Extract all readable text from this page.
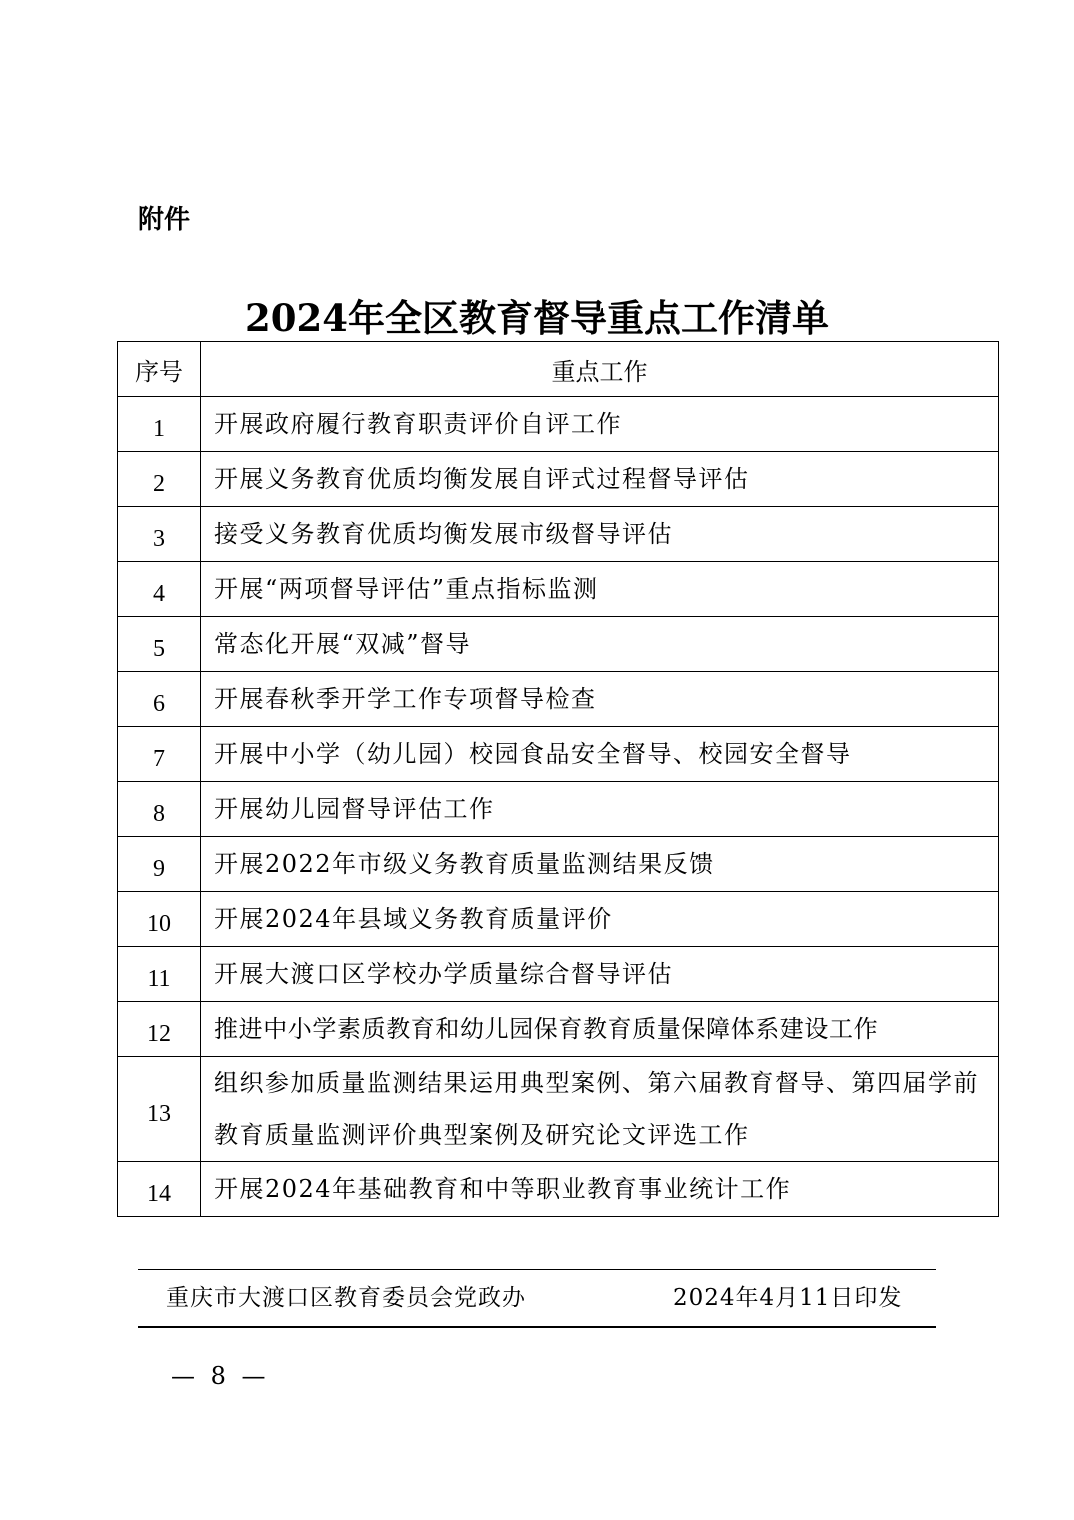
附件
2024年全区教育督导重点工作清单
序号	重点工作
1	开展政府履行教育职责评价自评工作
2	开展义务教育优质均衡发展自评式过程督导评估
3	接受义务教育优质均衡发展市级督导评估
4	开展“两项督导评估”重点指标监测
5	常态化开展“双减”督导
6	开展春秋季开学工作专项督导检查
7	开展中小学（幼儿园）校园食品安全督导、校园安全督导
8	开展幼儿园督导评估工作
9	开展2022年市级义务教育质量监测结果反馈
10	开展2024年县域义务教育质量评价
11	开展大渡口区学校办学质量综合督导评估
12	推进中小学素质教育和幼儿园保育教育质量保障体系建设工作
13	组织参加质量监测结果运用典型案例、第六届教育督导、第四届学前教育质量监测评价典型案例及研究论文评选工作
14	开展2024年基础教育和中等职业教育事业统计工作
重庆市大渡口区教育委员会党政办	2024年4月11日印发
— 8 —
